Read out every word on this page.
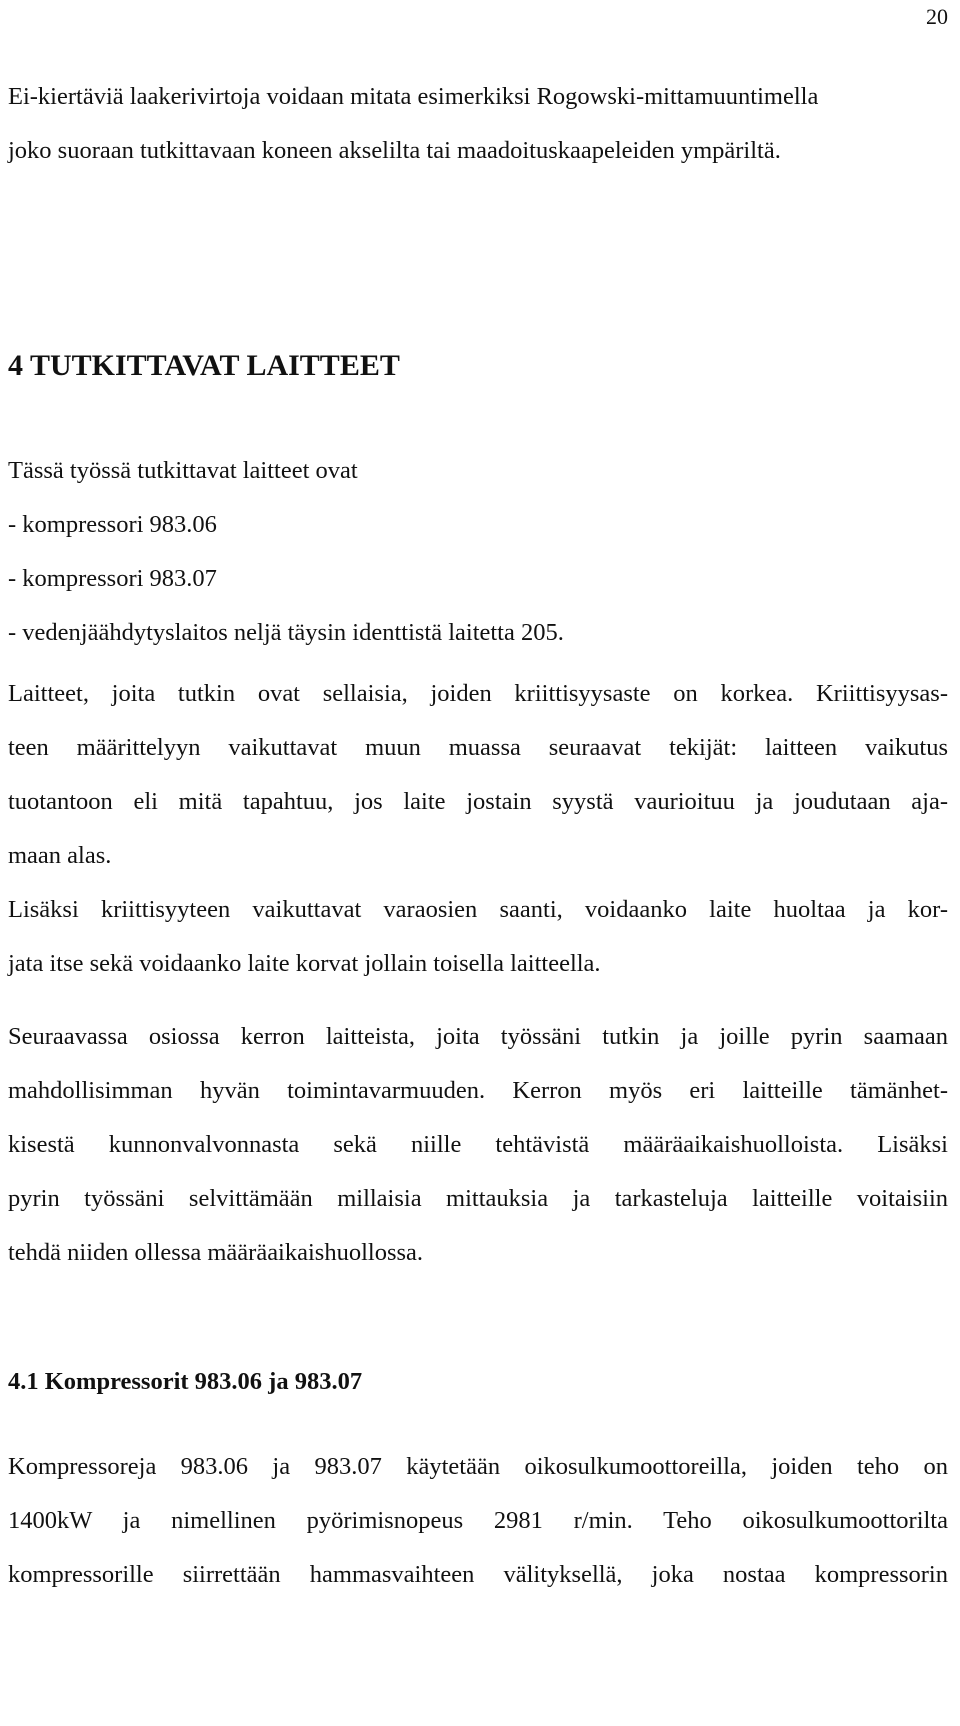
20
Ei-kiertäviä laakerivirtoja voidaan mitata esimerkiksi Rogowski-mittamuuntimella
joko suoraan tutkittavaan koneen akselilta tai maadoituskaapeleiden ympäriltä.
4 TUTKITTAVAT LAITTEET
Tässä työssä tutkittavat laitteet ovat
- kompressori 983.06
- kompressori 983.07
- vedenjäähdytyslaitos neljä täysin identtistä laitetta 205.
Laitteet, joita tutkin ovat sellaisia, joiden kriittisyysaste on korkea. Kriittisyysas-
teen määrittelyyn vaikuttavat muun muassa seuraavat tekijät: laitteen vaikutus
tuotantoon eli mitä tapahtuu, jos laite jostain syystä vaurioituu ja joudutaan aja-
maan alas.
Lisäksi kriittisyyteen vaikuttavat varaosien saanti, voidaanko laite huoltaa ja kor-
jata itse sekä voidaanko laite korvat jollain toisella laitteella.
Seuraavassa osiossa kerron laitteista, joita työssäni tutkin ja joille pyrin saamaan
mahdollisimman hyvän toimintavarmuuden. Kerron myös eri laitteille tämänhet-
kisestä kunnonvalvonnasta sekä niille tehtävistä määräaikaishuolloista. Lisäksi
pyrin työssäni selvittämään millaisia mittauksia ja tarkasteluja laitteille voitaisiin
tehdä niiden ollessa määräaikaishuollossa.
4.1 Kompressorit 983.06 ja 983.07
Kompressoreja 983.06 ja 983.07 käytetään oikosulkumoottoreilla, joiden teho on
1400kW ja nimellinen pyörimisnopeus 2981 r/min. Teho oikosulkumoottorilta
kompressorille siirrettään hammasvaihteen välityksellä, joka nostaa kompressorin
